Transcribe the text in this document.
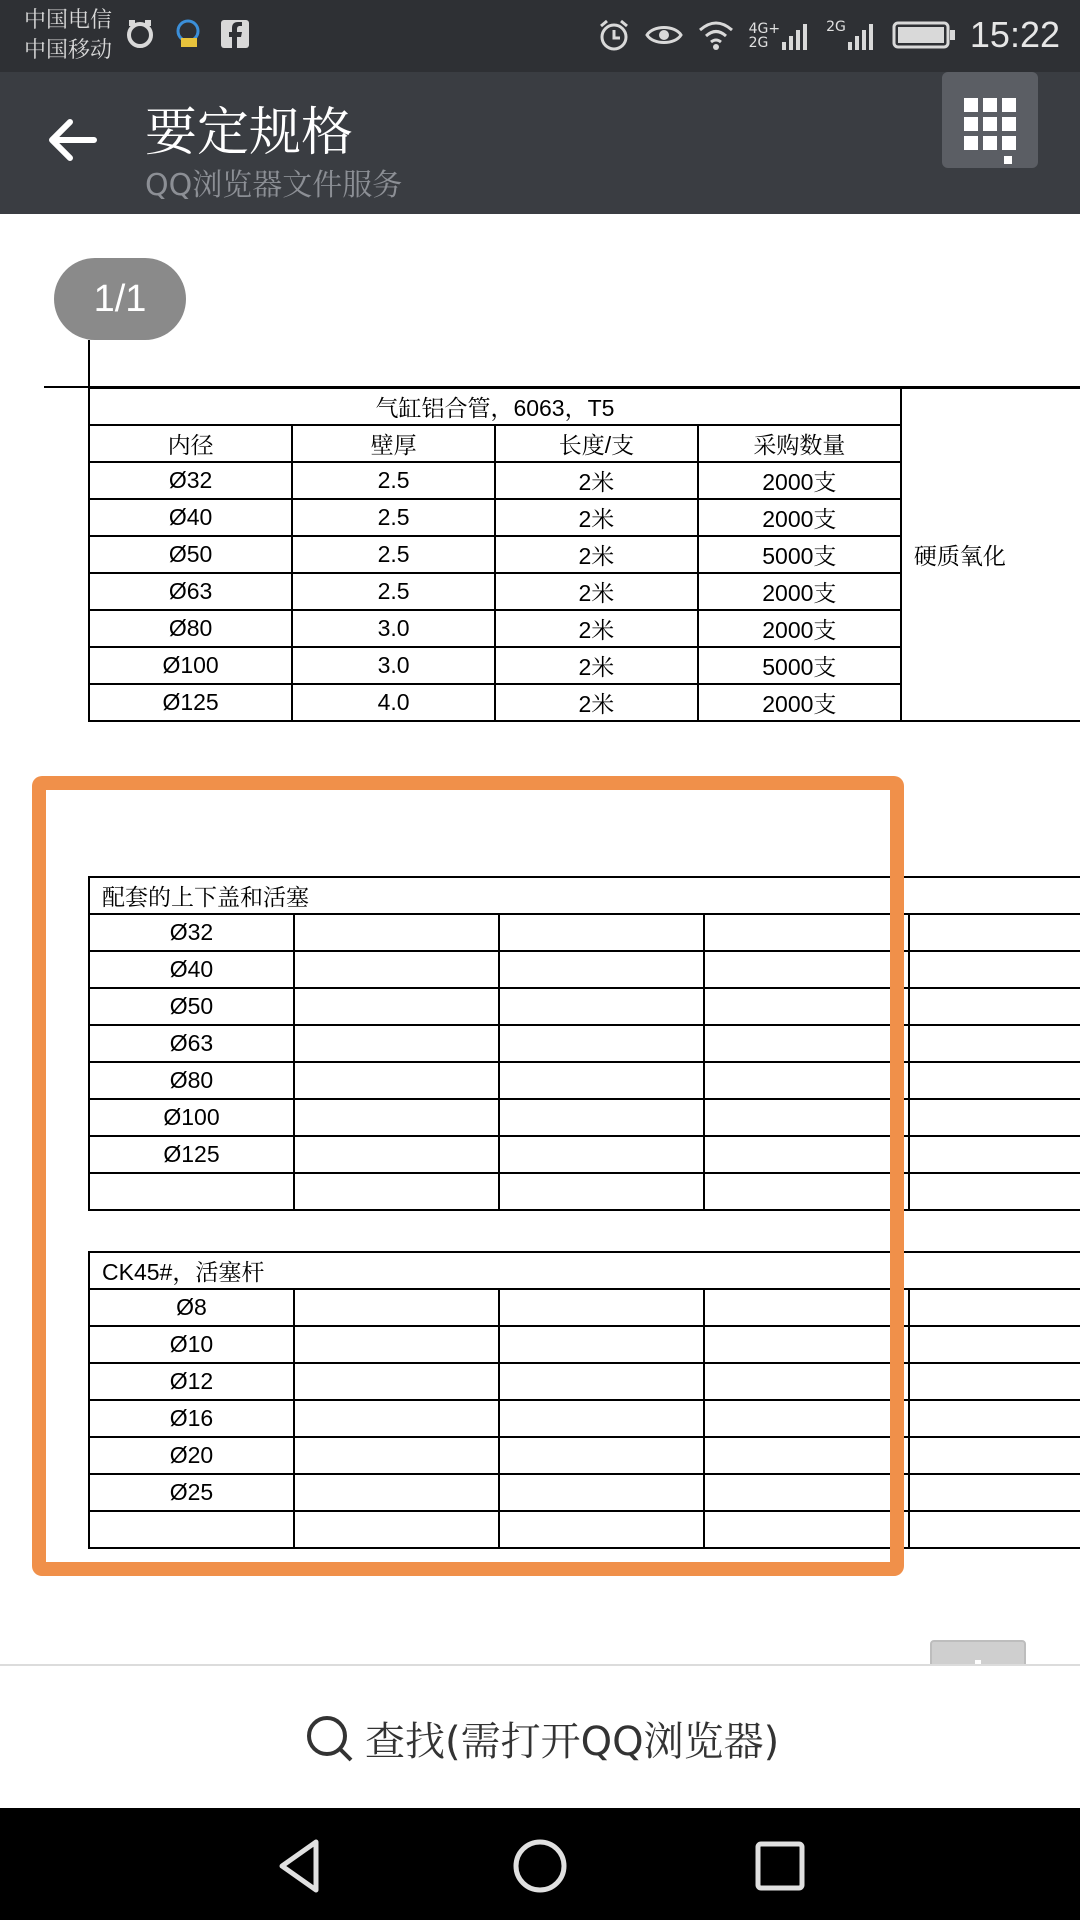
中国电信
中国移动
4G+
2G
2G	15:22
要定规格
QQ浏览器文件服务
1/1
气缸铝合管，6063，T5				硬质氧化
内径	壁厚	长度/支	采购数量	
Ø32	2.5	2米	2000支	
Ø40	2.5	2米	2000支	
Ø50	2.5	2米	5000支	
Ø63	2.5	2米	2000支	
Ø80	3.0	2米	2000支	
Ø100	3.0	2米	5000支	
Ø125	4.0	2米	2000支	
配套的上下盖和活塞				
Ø32				
Ø40				
Ø50				
Ø63				
Ø80				
Ø100				
Ø125				

CK45#，活塞杆				
Ø8				
Ø10				
Ø12				
Ø16				
Ø20				
Ø25				

查找(需打开QQ浏览器)
